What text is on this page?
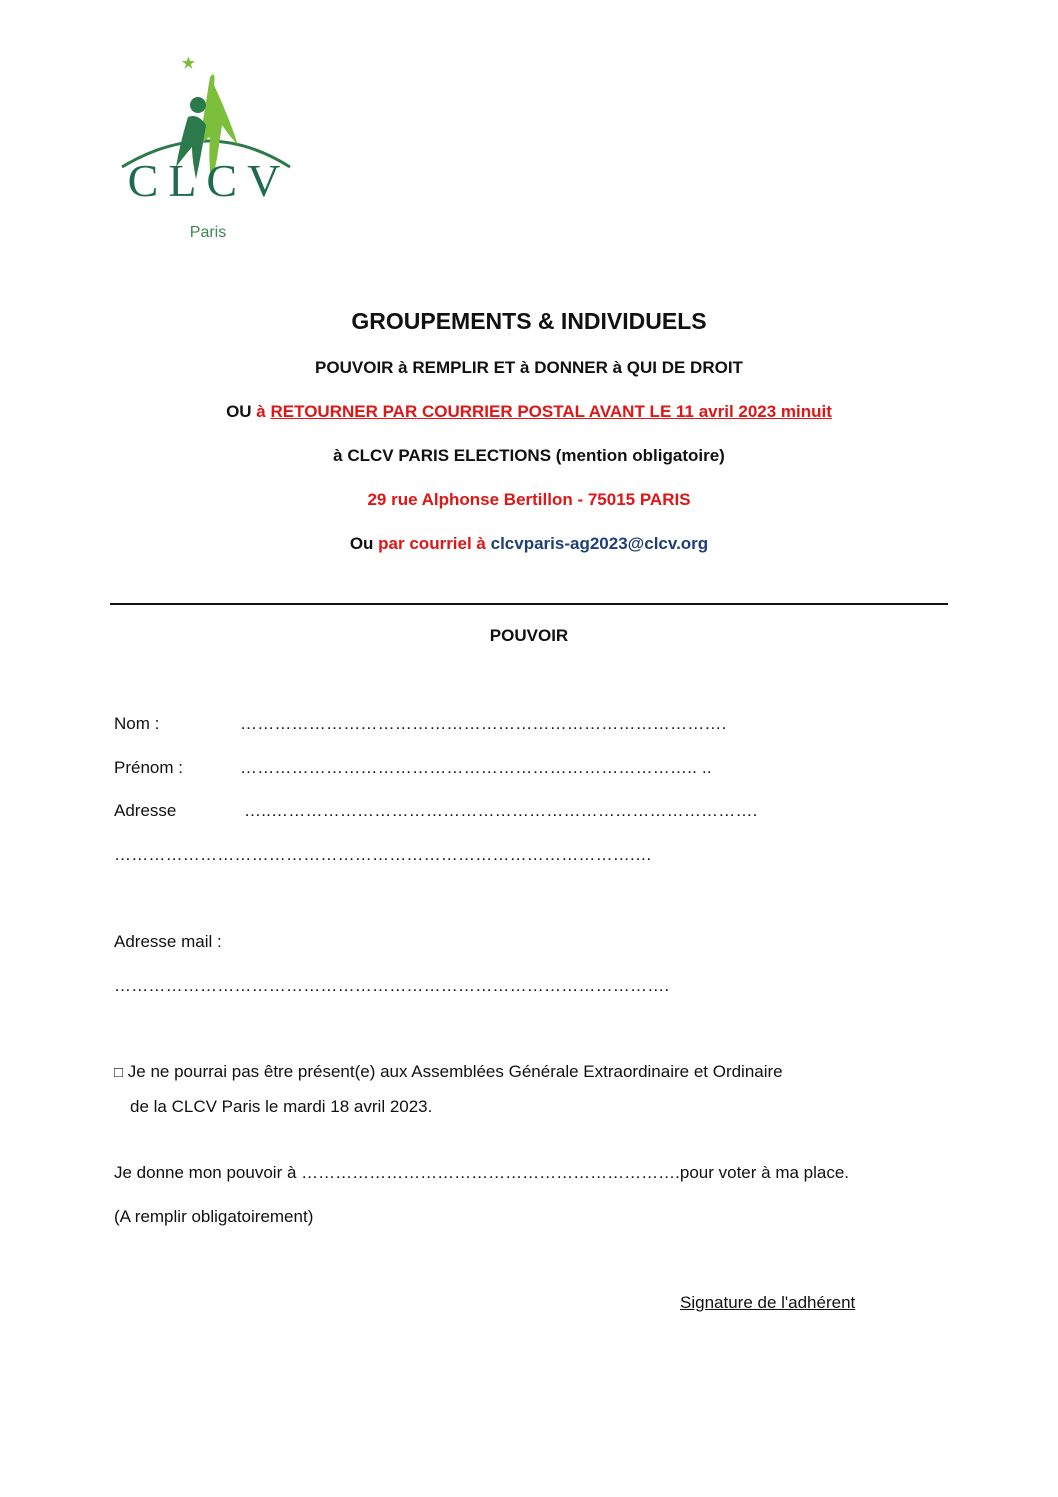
CLCV
Paris
GROUPEMENTS & INDIVIDUELS
POUVOIR à REMPLIR ET à DONNER à QUI DE DROIT
OU à RETOURNER PAR COURRIER POSTAL AVANT LE 11 avril 2023 minuit
à CLCV PARIS ELECTIONS (mention obligatoire)
29 rue Alphonse Bertillon - 75015 PARIS
Ou par courriel à clcvparis-ag2023@clcv.org
POUVOIR
Nom :	………………………………………………………………………….
Prénom :	…………………………………………………………………….. ..
Adresse	…..………………………………………………………………………….
……………………………………………………………………………….…
Adresse mail :
…………………………………………………………………………………….
□ Je ne pourrai pas être présent(e) aux Assemblées Générale Extraordinaire et Ordinaire
de la CLCV Paris le mardi 18 avril 2023.
Je donne mon pouvoir à ………………………………………………………….pour voter à ma place.
(A remplir obligatoirement)
Signature de l'adhérent
